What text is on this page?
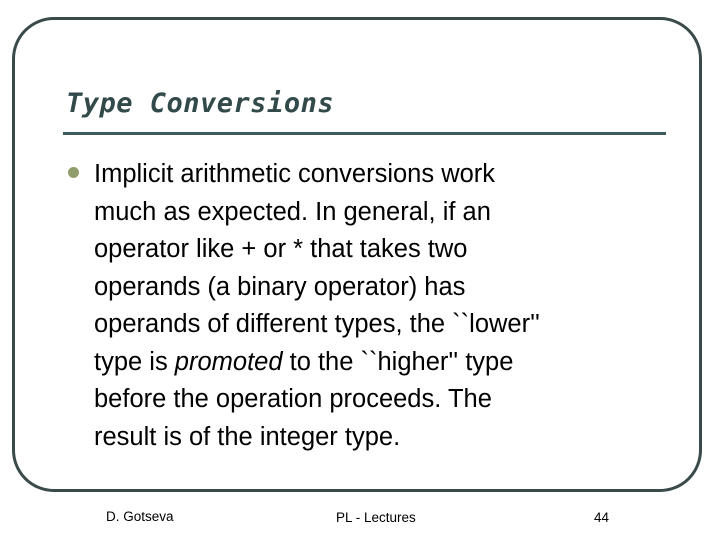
Type Conversions
Implicit arithmetic conversions work
much as expected. In general, if an
operator like + or * that takes two
operands (a binary operator) has
operands of different types, the ``lower''
type is promoted to the ``higher'' type
before the operation proceeds. The
result is of the integer type.
D. Gotseva	PL - Lectures	44
